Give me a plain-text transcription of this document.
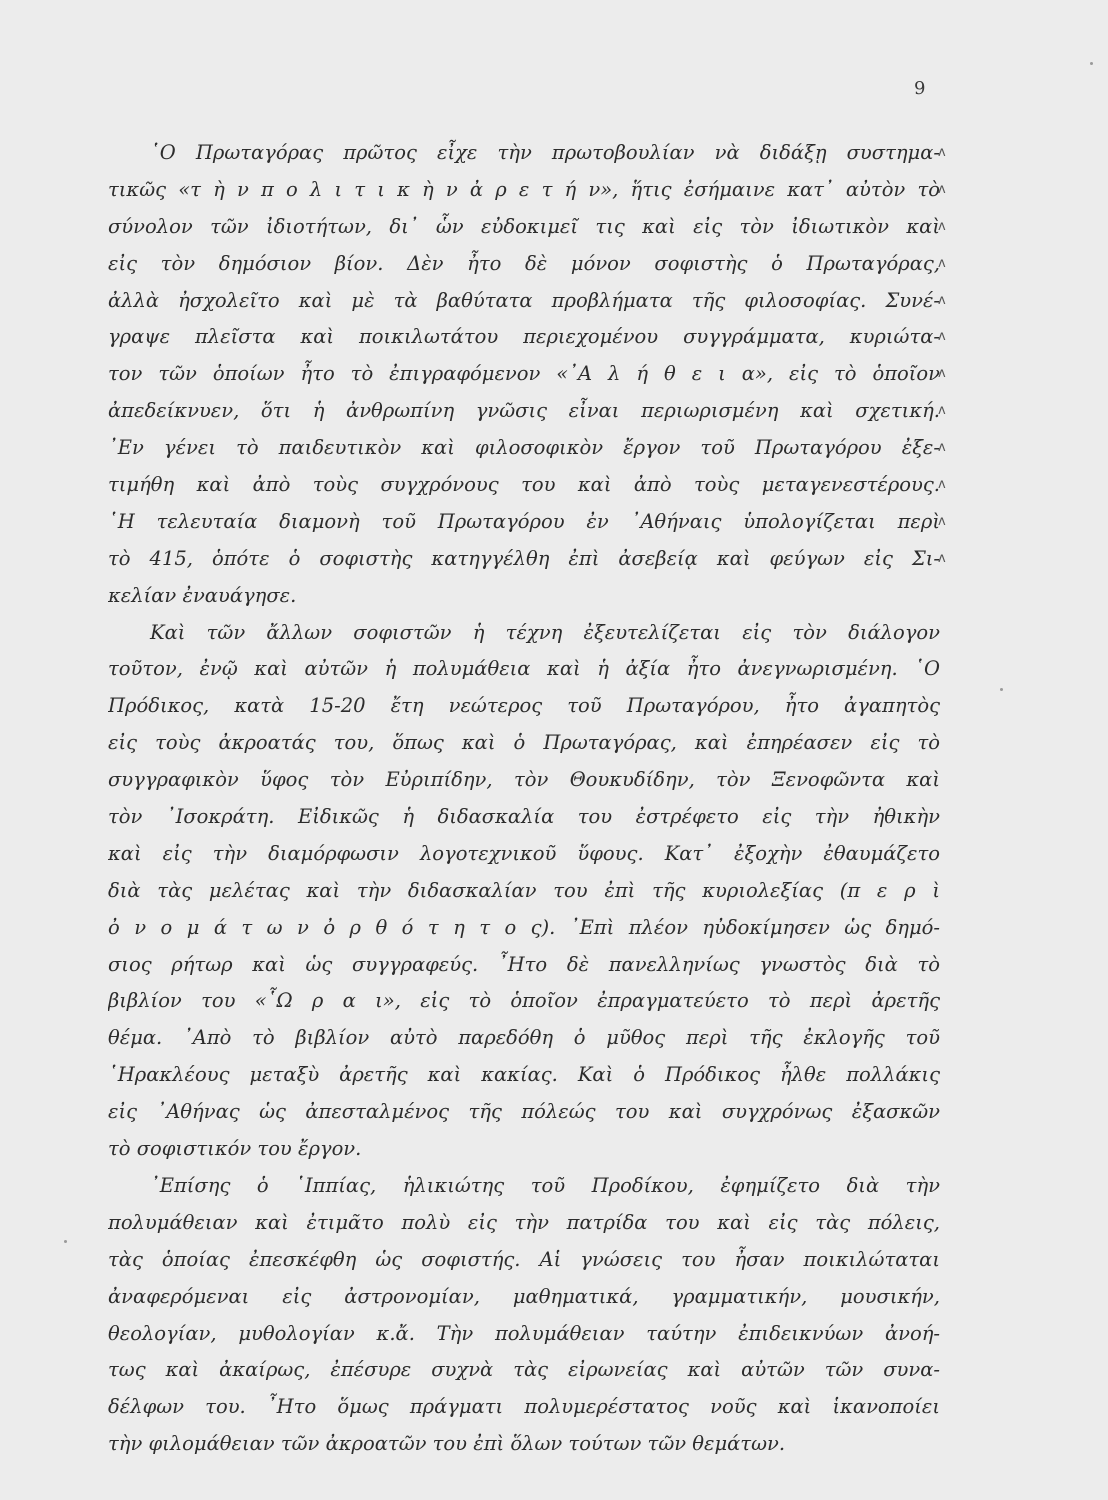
9
῾Ο Πρωταγόρας πρῶτος εἶχε τὴν πρωτοβουλίαν νὰ διδάξῃ συστημα-
τικῶς «τ ὴ ν π ο λ ι τ ι κ ὴ ν ἀ ρ ε τ ή ν», ἥτις ἐσήμαινε κατ᾽ αὐτὸν τὸ
σύνολον τῶν ἰδιοτήτων, δι᾽ ὧν εὐδοκιμεῖ τις καὶ εἰς τὸν ἰδιωτικὸν καὶ
εἰς τὸν δημόσιον βίον. Δὲν ἦτο δὲ μόνον σοφιστὴς ὁ Πρωταγόρας,
ἀλλὰ ἠσχολεῖτο καὶ μὲ τὰ βαθύτατα προβλήματα τῆς φιλοσοφίας. Συνέ-
γραψε πλεῖστα καὶ ποικιλωτάτου περιεχομένου συγγράμματα, κυριώτα-
τον τῶν ὁποίων ἦτο τὸ ἐπιγραφόμενον «᾽Α λ ή θ ε ι α», εἰς τὸ ὁποῖον
ἀπεδείκνυεν, ὅτι ἡ ἀνθρωπίνη γνῶσις εἶναι περιωρισμένη καὶ σχετική.
᾽Εν γένει τὸ παιδευτικὸν καὶ φιλοσοφικὸν ἔργον τοῦ Πρωταγόρου ἐξε-
τιμήθη καὶ ἀπὸ τοὺς συγχρόνους του καὶ ἀπὸ τοὺς μεταγενεστέρους.
῾Η τελευταία διαμονὴ τοῦ Πρωταγόρου ἐν ᾽Αθήναις ὑπολογίζεται περὶ
τὸ 415, ὁπότε ὁ σοφιστὴς κατηγγέλθη ἐπὶ ἀσεβείᾳ καὶ φεύγων εἰς Σι-
κελίαν ἐναυάγησε.
Καὶ τῶν ἄλλων σοφιστῶν ἡ τέχνη ἐξευτελίζεται εἰς τὸν διάλογον
τοῦτον, ἐνῷ καὶ αὐτῶν ἡ πολυμάθεια καὶ ἡ ἀξία ἦτο ἀνεγνωρισμένη. ῾Ο
Πρόδικος, κατὰ 15-20 ἔτη νεώτερος τοῦ Πρωταγόρου, ἦτο ἀγαπητὸς
εἰς τοὺς ἀκροατάς του, ὅπως καὶ ὁ Πρωταγόρας, καὶ ἐπηρέασεν εἰς τὸ
συγγραφικὸν ὕφος τὸν Εὐριπίδην, τὸν Θουκυδίδην, τὸν Ξενοφῶντα καὶ
τὸν ᾽Ισοκράτη. Εἰδικῶς ἡ διδασκαλία του ἐστρέφετο εἰς τὴν ἠθικὴν
καὶ εἰς τὴν διαμόρφωσιν λογοτεχνικοῦ ὕφους. Κατ᾽ ἐξοχὴν ἐθαυμάζετο
διὰ τὰς μελέτας καὶ τὴν διδασκαλίαν του ἐπὶ τῆς κυριολεξίας (π ε ρ ὶ
ὀ ν ο μ ά τ ω ν ὀ ρ θ ό τ η τ ο ς). ᾽Επὶ πλέον ηὐδοκίμησεν ὡς δημό-
σιος ρήτωρ καὶ ὡς συγγραφεύς. ῏Ητο δὲ πανελληνίως γνωστὸς διὰ τὸ
βιβλίον του «῟Ω ρ α ι», εἰς τὸ ὁποῖον ἐπραγματεύετο τὸ περὶ ἀρετῆς
θέμα. ᾽Απὸ τὸ βιβλίον αὐτὸ παρεδόθη ὁ μῦθος περὶ τῆς ἐκλογῆς τοῦ
῾Ηρακλέους μεταξὺ ἀρετῆς καὶ κακίας. Καὶ ὁ Πρόδικος ἦλθε πολλάκις
εἰς ᾽Αθήνας ὡς ἀπεσταλμένος τῆς πόλεώς του καὶ συγχρόνως ἐξασκῶν
τὸ σοφιστικόν του ἔργον.
᾽Επίσης ὁ ῾Ιππίας, ἡλικιώτης τοῦ Προδίκου, ἐφημίζετο διὰ τὴν
πολυμάθειαν καὶ ἐτιμᾶτο πολὺ εἰς τὴν πατρίδα του καὶ εἰς τὰς πόλεις,
τὰς ὁποίας ἐπεσκέφθη ὡς σοφιστής. Αἱ γνώσεις του ἦσαν ποικιλώταται
ἀναφερόμεναι εἰς ἀστρονομίαν, μαθηματικά, γραμματικήν, μουσικήν,
θεολογίαν, μυθολογίαν κ.ἄ. Τὴν πολυμάθειαν ταύτην ἐπιδεικνύων ἀνοή-
τως καὶ ἀκαίρως, ἐπέσυρε συχνὰ τὰς εἰρωνείας καὶ αὐτῶν τῶν συνα-
δέλφων του. ῏Ητο ὅμως πράγματι πολυμερέστατος νοῦς καὶ ἱκανοποίει
τὴν φιλομάθειαν τῶν ἀκροατῶν του ἐπὶ ὅλων τούτων τῶν θεμάτων.
ʌ
ʌ
ʌ
ʌ
ʌ
ʌ
ʌ
ʌ
ʌ
ʌ
ʌ
ʌ
